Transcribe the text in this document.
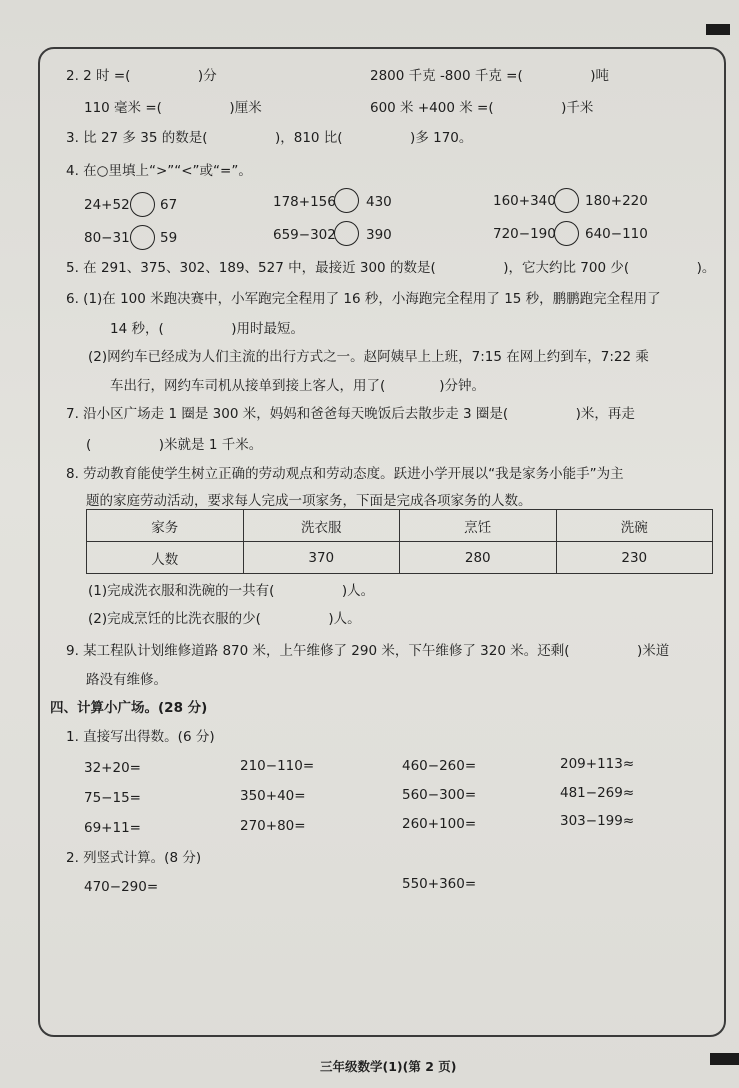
2. 2 时 =(　　　　　)分	2800 千克 -800 千克 =(　　　　　)吨
110 毫米 =(　　　　　)厘米	600 米 +400 米 =(　　　　　)千米
3. 比 27 多 35 的数是(　　　　　)，810 比(　　　　　)多 170。
4. 在○里填上“>”“<”或“=”。
24+52 67	178+156 430	160+340 180+220
80−31 59	659−302 390	720−190 640−110
5. 在 291、375、302、189、527 中，最接近 300 的数是(　　　　　)，它大约比 700 少(　　　　　)。
6. (1)在 100 米跑决赛中，小军跑完全程用了 16 秒，小海跑完全程用了 15 秒，鹏鹏跑完全程用了
14 秒，(　　　　　)用时最短。
(2)网约车已经成为人们主流的出行方式之一。赵阿姨早上上班，7:15 在网上约到车，7:22 乘
车出行，网约车司机从接单到接上客人，用了(　　　　)分钟。
7. 沿小区广场走 1 圈是 300 米，妈妈和爸爸每天晚饭后去散步走 3 圈是(　　　　　)米，再走
(　　　　　)米就是 1 千米。
8. 劳动教育能使学生树立正确的劳动观点和劳动态度。跃进小学开展以“我是家务小能手”为主
题的家庭劳动活动，要求每人完成一项家务，下面是完成各项家务的人数。
家务	洗衣服	烹饪	洗碗
人数	370	280	230
(1)完成洗衣服和洗碗的一共有(　　　　　)人。
(2)完成烹饪的比洗衣服的少(　　　　　)人。
9. 某工程队计划维修道路 870 米，上午维修了 290 米，下午维修了 320 米。还剩(　　　　　)米道
路没有维修。
四、计算小广场。(28 分)
1. 直接写出得数。(6 分)
32+20=	210−110=	460−260=	209+113≈
75−15=	350+40=	560−300=	481−269≈
69+11=	270+80=	260+100=	303−199≈
2. 列竖式计算。(8 分)
470−290=	550+360=
三年级数学(1)(第 2 页)
